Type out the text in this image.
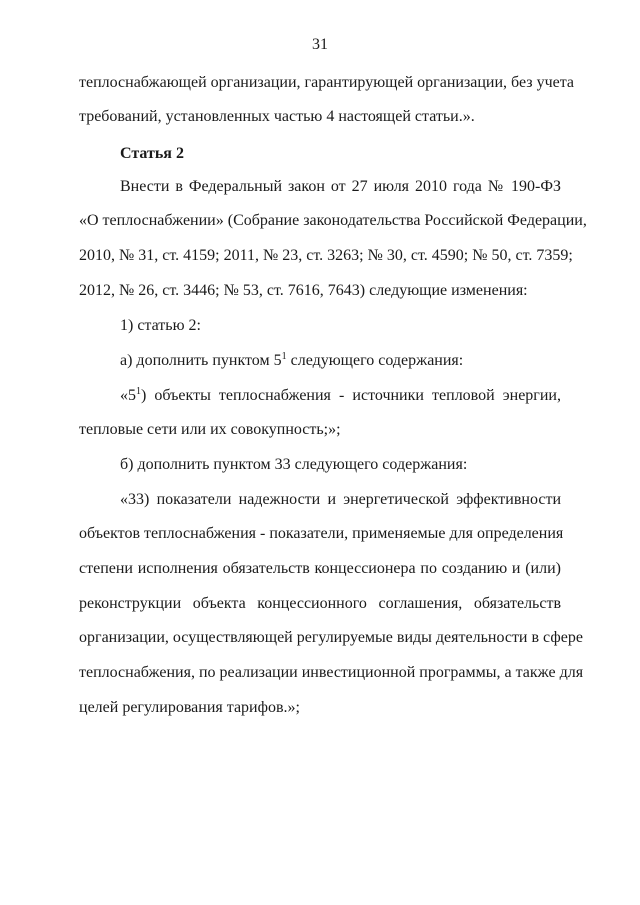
31
теплоснабжающей организации, гарантирующей организации, без учета
требований, установленных частью 4 настоящей статьи.».
Статья 2
Внести в Федеральный закон от 27 июля 2010 года № 190-ФЗ
«О теплоснабжении» (Собрание законодательства Российской Федерации,
2010, № 31, ст. 4159; 2011, № 23, ст. 3263; № 30, ст. 4590; № 50, ст. 7359;
2012, № 26, ст. 3446; № 53, ст. 7616, 7643) следующие изменения:
1) статью 2:
а) дополнить пунктом $5^1$ следующего содержания:
«$5^1$) объекты теплоснабжения - источники тепловой энергии,
тепловые сети или их совокупность;»;
б) дополнить пунктом 33 следующего содержания:
«33) показатели надежности и энергетической эффективности
объектов теплоснабжения - показатели, применяемые для определения
степени исполнения обязательств концессионера по созданию и (или)
реконструкции объекта концессионного соглашения, обязательств
организации, осуществляющей регулируемые виды деятельности в сфере
теплоснабжения, по реализации инвестиционной программы, а также для
целей регулирования тарифов.»;
